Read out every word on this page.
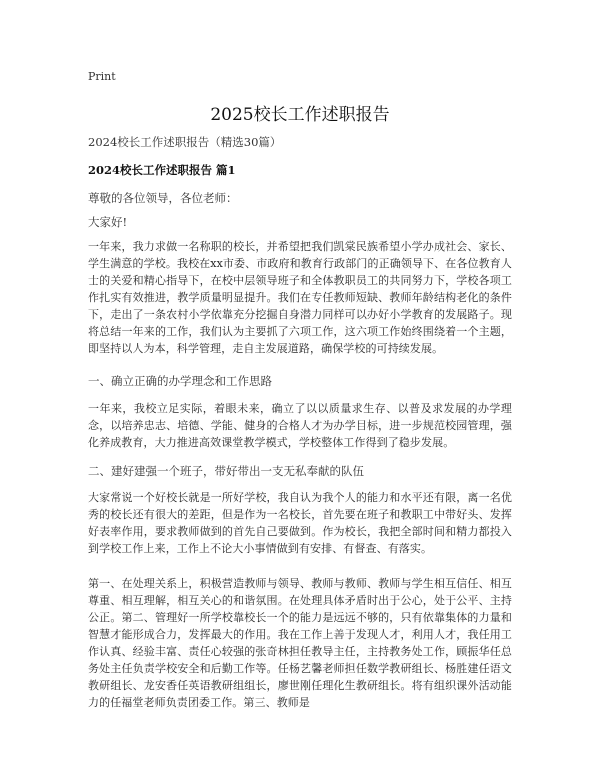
Print
2025校长工作述职报告
2024校长工作述职报告（精选30篇）
2024校长工作述职报告 篇1
尊敬的各位领导，各位老师：
大家好!
一年来，我力求做一名称职的校长，并希望把我们凯棠民族希望小学办成社会、家长、学生满意的学校。我校在xx市委、市政府和教育行政部门的正确领导下、在各位教育人士的关爱和精心指导下，在校中层领导班子和全体教职员工的共同努力下，学校各项工作扎实有效推进，教学质量明显提升。我们在专任教师短缺、教师年龄结构老化的条件下，走出了一条农村小学依靠充分挖掘自身潜力同样可以办好小学教育的发展路子。现将总结一年来的工作，我们认为主要抓了六项工作，这六项工作始终围绕着一个主题，即坚持以人为本，科学管理，走自主发展道路，确保学校的可持续发展。
一、确立正确的办学理念和工作思路
一年来，我校立足实际，着眼未来，确立了以以质量求生存、以普及求发展的办学理念，以培养忠志、培德、学能、健身的合格人才为办学目标，进一步规范校园管理，强化养成教育，大力推进高效课堂教学模式，学校整体工作得到了稳步发展。
二、建好建强一个班子，带好带出一支无私奉献的队伍
大家常说一个好校长就是一所好学校，我自认为我个人的能力和水平还有限，离一名优秀的校长还有很大的差距，但是作为一名校长，首先要在班子和教职工中带好头、发挥好表率作用，要求教师做到的首先自己要做到。作为校长，我把全部时间和精力都投入到学校工作上来，工作上不论大小事情做到有安排、有督查、有落实。
第一、在处理关系上，积极营造教师与领导、教师与教师、教师与学生相互信任、相互尊重、相互理解，相互关心的和谐氛围。在处理具体矛盾时出于公心，处于公平、主持公正。第二、管理好一所学校靠校长一个的能力是远远不够的，只有依靠集体的力量和智慧才能形成合力，发挥最大的作用。我在工作上善于发现人才，利用人才，我任用工作认真、经验丰富、责任心较强的张奇林担任教导主任，主持教务处工作，顾振华任总务处主任负责学校安全和后勤工作等。任杨艺馨老师担任数学教研组长、杨胜建任语文教研组长、龙安香任英语教研组组长，廖世刚任理化生教研组长。将有组织课外活动能力的任福堂老师负责团委工作。第三、教师是
